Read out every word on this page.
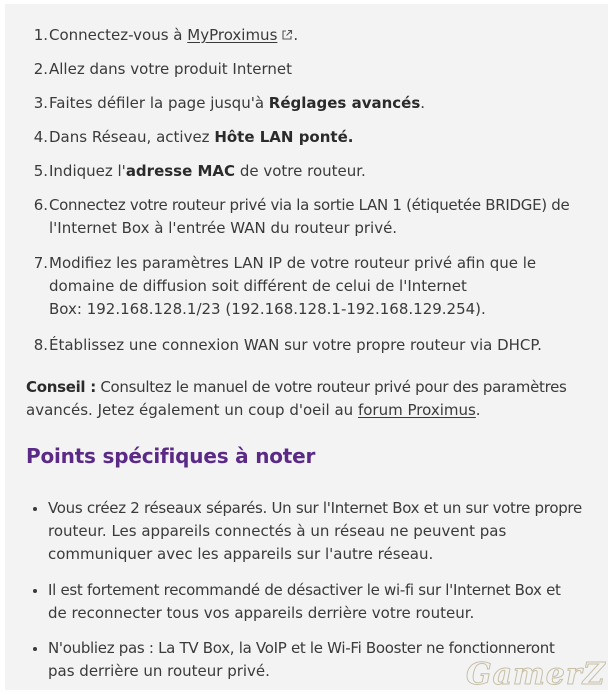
1. Connectez-vous à MyProximus .
2. Allez dans votre produit Internet
3. Faites défiler la page jusqu'à Réglages avancés.
4. Dans Réseau, activez Hôte LAN ponté.
5. Indiquez l'adresse MAC de votre routeur.
6. Connectez votre routeur privé via la sortie LAN 1 (étiquetée BRIDGE) de
l'Internet Box à l'entrée WAN du routeur privé.
7. Modifiez les paramètres LAN IP de votre routeur privé afin que le
domaine de diffusion soit différent de celui de l'Internet
Box: 192.168.128.1/23 (192.168.128.1-192.168.129.254).
8. Établissez une connexion WAN sur votre propre routeur via DHCP.
Conseil : Consultez le manuel de votre routeur privé pour des paramètres
avancés. Jetez également un coup d'oeil au forum Proximus.
Points spécifiques à noter
• Vous créez 2 réseaux séparés. Un sur l'Internet Box et un sur votre propre
routeur. Les appareils connectés à un réseau ne peuvent pas
communiquer avec les appareils sur l'autre réseau.
• Il est fortement recommandé de désactiver le wi-fi sur l'Internet Box et
de reconnecter tous vos appareils derrière votre routeur.
• N'oubliez pas : La TV Box, la VoIP et le Wi-Fi Booster ne fonctionneront
pas derrière un routeur privé.	GamerZ
